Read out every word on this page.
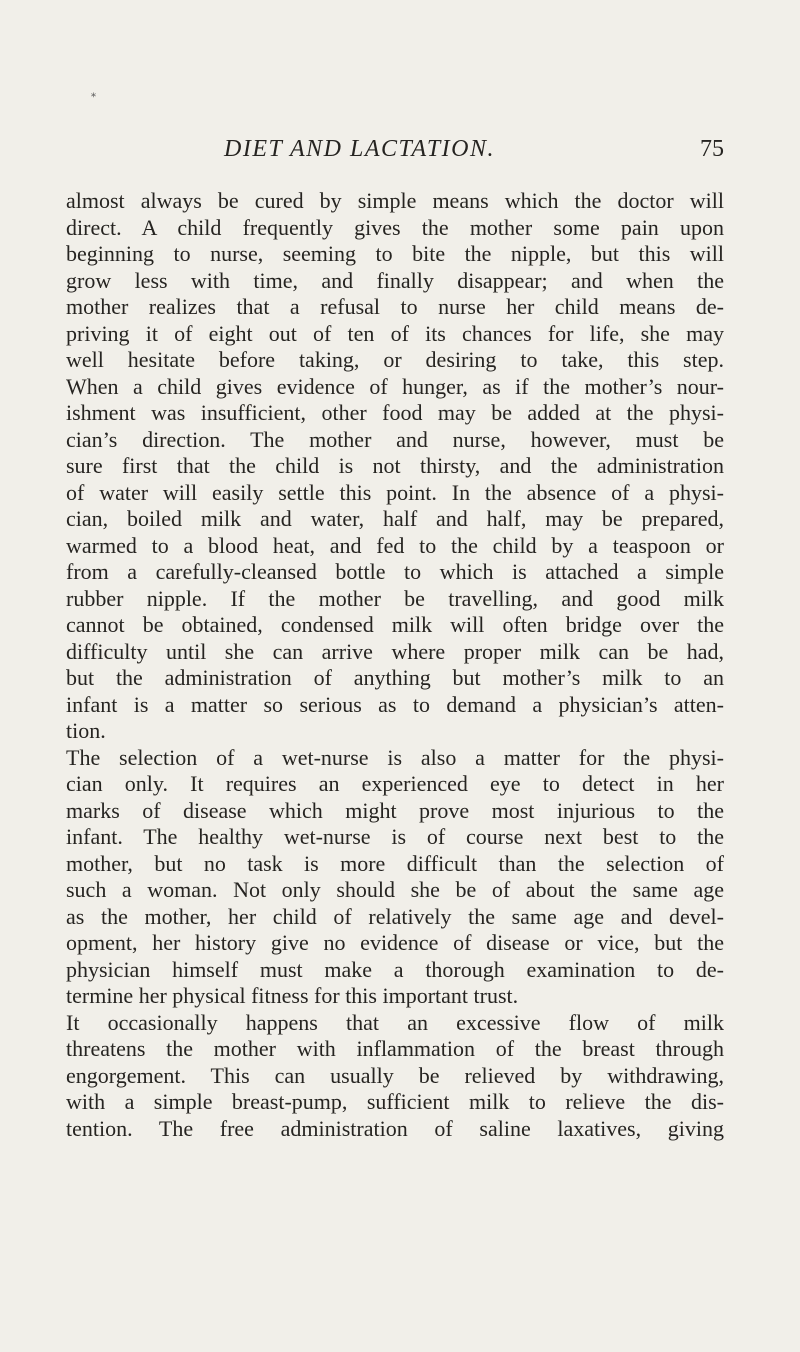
*
DIET AND LACTATION.	75
almost always be cured by simple means which the doctor will
direct. A child frequently gives the mother some pain upon
beginning to nurse, seeming to bite the nipple, but this will
grow less with time, and finally disappear; and when the
mother realizes that a refusal to nurse her child means de-
priving it of eight out of ten of its chances for life, she may
well hesitate before taking, or desiring to take, this step.
When a child gives evidence of hunger, as if the mother’s nour-
ishment was insufficient, other food may be added at the physi-
cian’s direction. The mother and nurse, however, must be
sure first that the child is not thirsty, and the administration
of water will easily settle this point. In the absence of a physi-
cian, boiled milk and water, half and half, may be prepared,
warmed to a blood heat, and fed to the child by a teaspoon or
from a carefully-cleansed bottle to which is attached a simple
rubber nipple. If the mother be travelling, and good milk
cannot be obtained, condensed milk will often bridge over the
difficulty until she can arrive where proper milk can be had,
but the administration of anything but mother’s milk to an
infant is a matter so serious as to demand a physician’s atten-
tion.
The selection of a wet-nurse is also a matter for the physi-
cian only. It requires an experienced eye to detect in her
marks of disease which might prove most injurious to the
infant. The healthy wet-nurse is of course next best to the
mother, but no task is more difficult than the selection of
such a woman. Not only should she be of about the same age
as the mother, her child of relatively the same age and devel-
opment, her history give no evidence of disease or vice, but the
physician himself must make a thorough examination to de-
termine her physical fitness for this important trust.
It occasionally happens that an excessive flow of milk
threatens the mother with inflammation of the breast through
engorgement. This can usually be relieved by withdrawing,
with a simple breast-pump, sufficient milk to relieve the dis-
tention. The free administration of saline laxatives, giving
